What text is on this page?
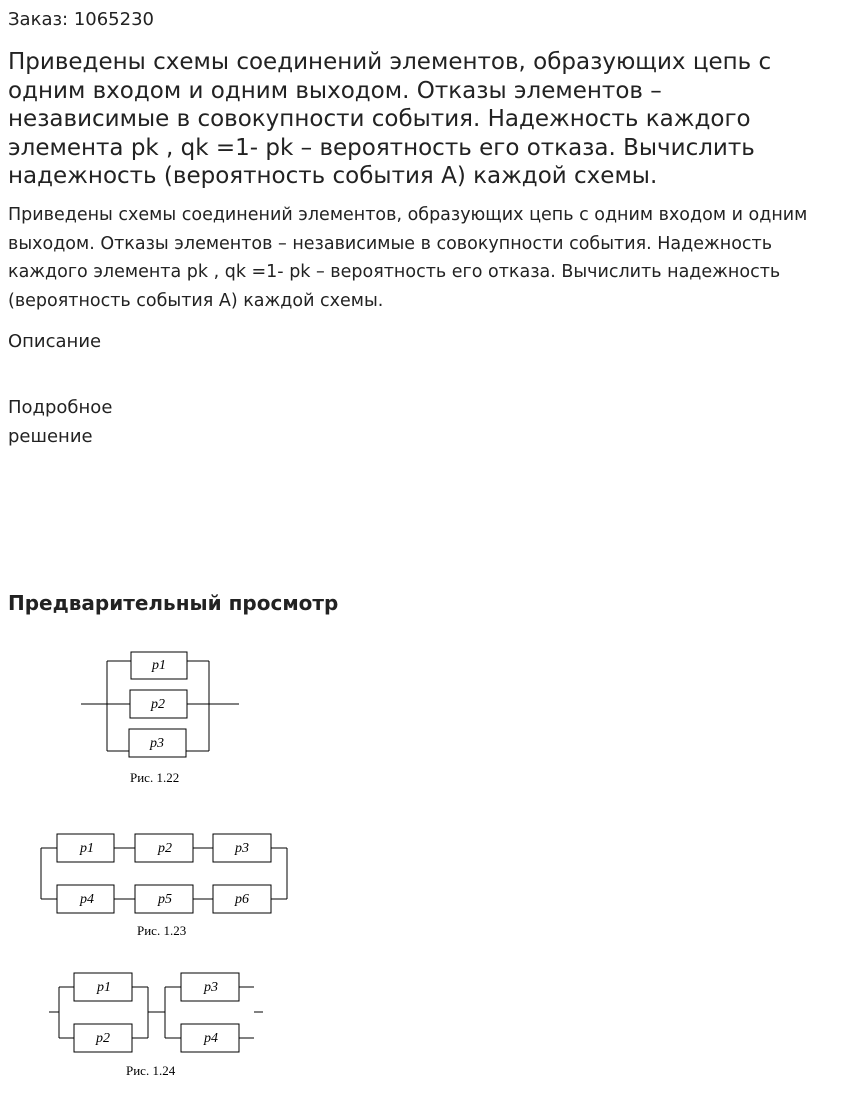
Заказ: 1065230
Приведены схемы соединений элементов, образующих цепь с одним входом и одним выходом. Отказы элементов – независимые в совокупности события. Надежность каждого элемента pk , qk =1- pk – вероятность его отказа. Вычислить надежность (вероятность события А) каждой схемы.

Приведены схемы соединений элементов, образующих цепь с одним входом и одним выходом. Отказы элементов – независимые в совокупности события. Надежность каждого элемента pk , qk =1- pk – вероятность его отказа. Вычислить надежность (вероятность события А) каждой схемы.

Описание
Подробное решение
Предварительный просмотр
p1
p2
p3
Рис. 1.22
p1	p2	p3
p4	p5	p6
Рис. 1.23
p1
p2
p3
p4
Рис. 1.24
